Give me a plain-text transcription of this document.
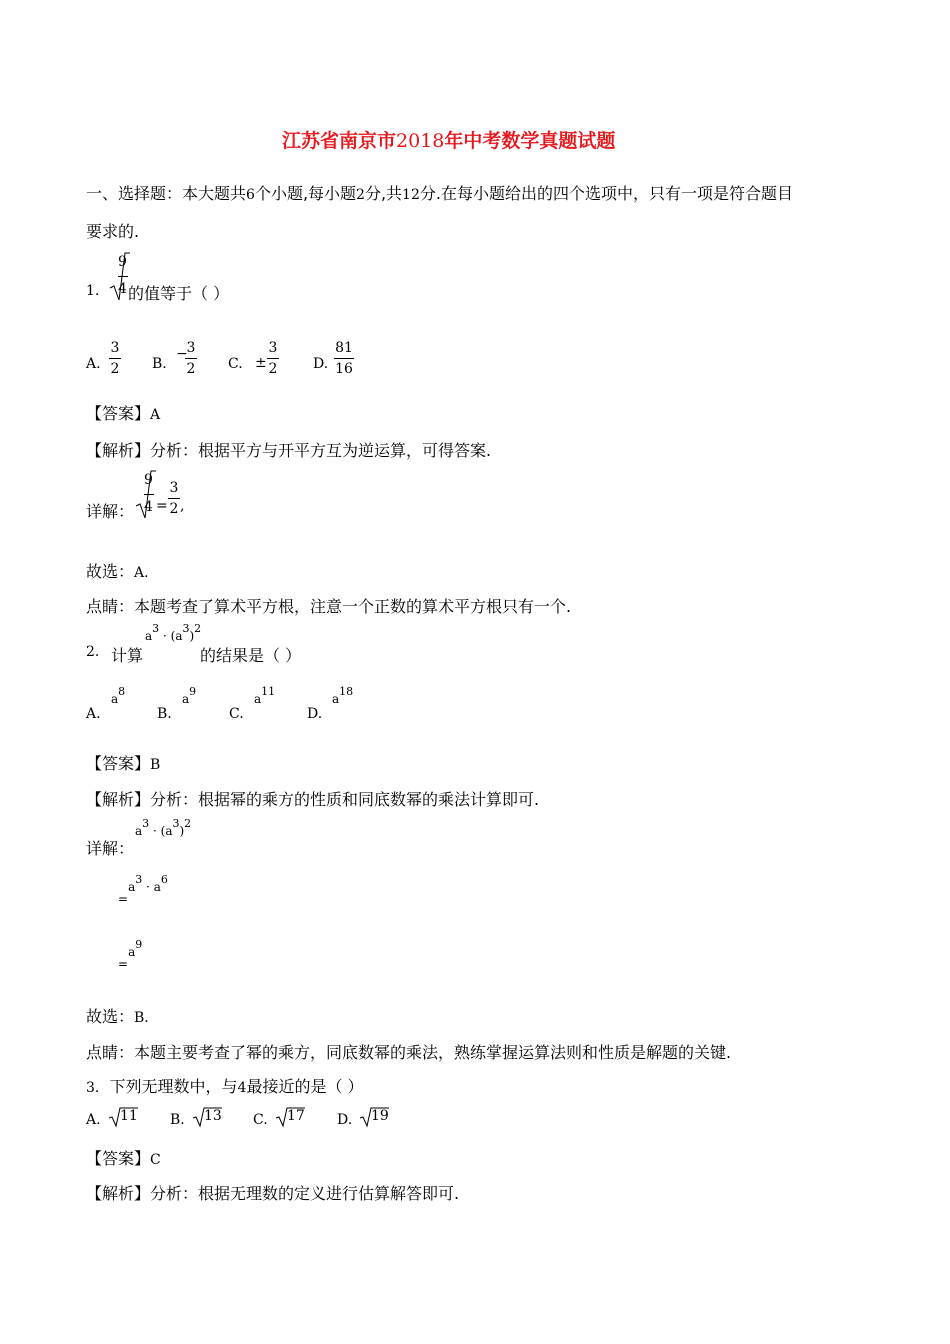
江苏省南京市2018年中考数学真题试题
一、选择题：本大题共6个小题,每小题2分,共12分.在每小题给出的四个选项中，只有一项是符合题目
要求的.
1.
9
4 的值等于（ ）
A.
3
2 B.
−
3
2 C. ±
3
2	D.
81
16
【答案】A
【解析】分析：根据平方与开平方互为逆运算，可得答案.
详解：
9
4 =
3
2 ,
故选：A.
点睛：本题考查了算术平方根，注意一个正数的算术平方根只有一个.
2. 计算
a3 · (a3)2
的结果是（ ）
A.
a8
B.
a9
C.
a11
D.
a18
【答案】B
【解析】分析：根据幂的乘方的性质和同底数幂的乘法计算即可.
详解：
a3 · (a3)2
=a3 · a6
=a9
故选：B.
点睛：本题主要考查了幂的乘方，同底数幂的乘法，熟练掌握运算法则和性质是解题的关键.
3. 下列无理数中，与4最接近的是（ ）
A. 11 B. 13 C. 17 D. 19
【答案】C
【解析】分析：根据无理数的定义进行估算解答即可.
